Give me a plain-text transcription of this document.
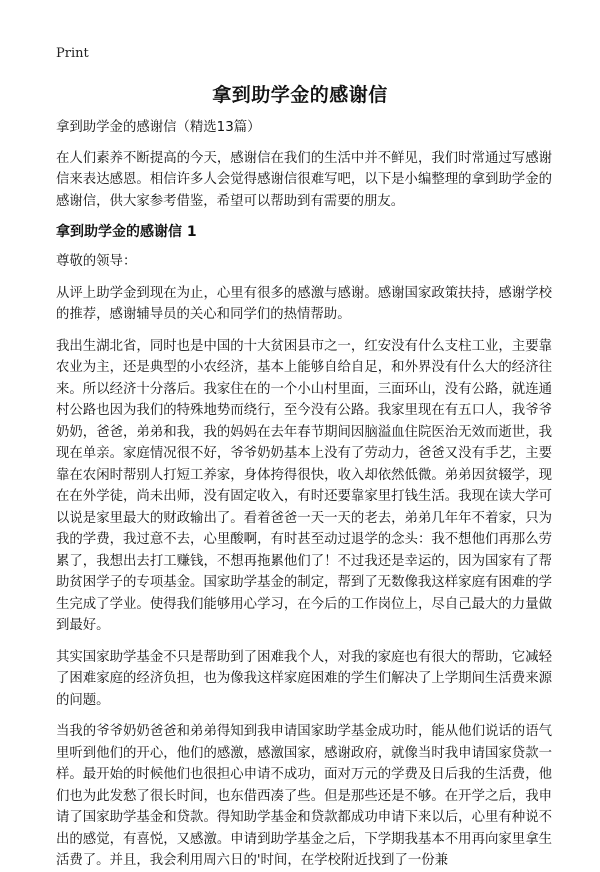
Print
拿到助学金的感谢信

拿到助学金的感谢信（精选13篇）

在人们素养不断提高的今天，感谢信在我们的生活中并不鲜见，我们时常通过写感谢信来表达感恩。相信许多人会觉得感谢信很难写吧，以下是小编整理的拿到助学金的感谢信，供大家参考借鉴，希望可以帮助到有需要的朋友。

拿到助学金的感谢信 1

尊敬的领导：

从评上助学金到现在为止，心里有很多的感激与感谢。感谢国家政策扶持，感谢学校的推荐，感谢辅导员的关心和同学们的热情帮助。

我出生湖北省，同时也是中国的十大贫困县市之一，红安没有什么支柱工业，主要靠农业为主，还是典型的小农经济，基本上能够自给自足，和外界没有什么大的经济往来。所以经济十分落后。我家住在的一个小山村里面，三面环山，没有公路，就连通村公路也因为我们的特殊地势而绕行，至今没有公路。我家里现在有五口人，我爷爷奶奶，爸爸，弟弟和我，我的妈妈在去年春节期间因脑溢血住院医治无效而逝世，我现在单亲。家庭情况很不好，爷爷奶奶基本上没有了劳动力，爸爸又没有手艺，主要靠在农闲时帮别人打短工养家，身体挎得很快，收入却依然低微。弟弟因贫辍学，现在在外学徒，尚未出师，没有固定收入，有时还要靠家里打钱生活。我现在读大学可以说是家里最大的财政输出了。看着爸爸一天一天的老去，弟弟几年年不着家，只为我的学费，我过意不去，心里酸啊，有时甚至动过退学的念头：我不想他们再那么劳累了，我想出去打工赚钱，不想再拖累他们了！不过我还是幸运的，因为国家有了帮助贫困学子的专项基金。国家助学基金的制定，帮到了无数像我这样家庭有困难的学生完成了学业。使得我们能够用心学习，在今后的工作岗位上，尽自己最大的力量做到最好。

其实国家助学基金不只是帮助到了困难我个人，对我的家庭也有很大的帮助，它减轻了困难家庭的经济负担，也为像我这样家庭困难的学生们解决了上学期间生活费来源的问题。

当我的爷爷奶奶爸爸和弟弟得知到我申请国家助学基金成功时，能从他们说话的语气里听到他们的开心，他们的感激，感激国家，感谢政府，就像当时我申请国家贷款一样。最开始的时候他们也很担心申请不成功，面对万元的学费及日后我的生活费，他们也为此发愁了很长时间，也东借西凑了些。但是那些还是不够。在开学之后，我申请了国家助学基金和贷款。得知助学基金和贷款都成功申请下来以后，心里有种说不出的感觉，有喜悦，又感激。申请到助学基金之后，下学期我基本不用再向家里拿生活费了。并且，我会利用周六日的'时间，在学校附近找到了一份兼
